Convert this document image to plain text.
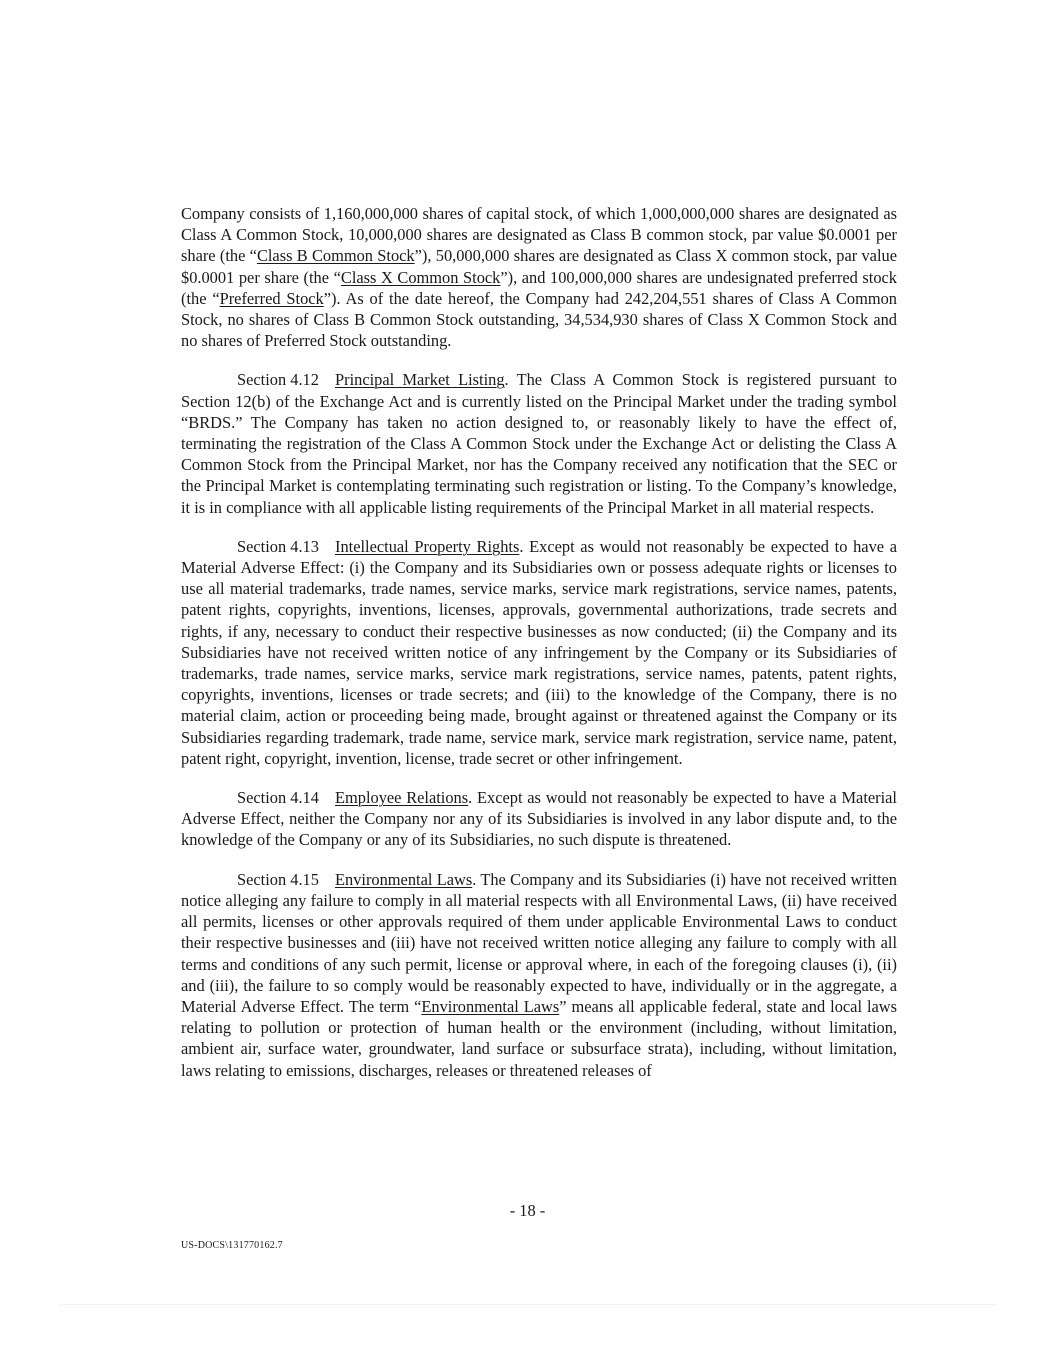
Company consists of 1,160,000,000 shares of capital stock, of which 1,000,000,000 shares are designated as Class A Common Stock, 10,000,000 shares are designated as Class B common stock, par value $0.0001 per share (the “Class B Common Stock”), 50,000,000 shares are designated as Class X common stock, par value $0.0001 per share (the “Class X Common Stock”), and 100,000,000 shares are undesignated preferred stock (the “Preferred Stock”). As of the date hereof, the Company had 242,204,551 shares of Class A Common Stock, no shares of Class B Common Stock outstanding, 34,534,930 shares of Class X Common Stock and no shares of Preferred Stock outstanding.

Section 4.12 Principal Market Listing. The Class A Common Stock is registered pursuant to Section 12(b) of the Exchange Act and is currently listed on the Principal Market under the trading symbol “BRDS.” The Company has taken no action designed to, or reasonably likely to have the effect of, terminating the registration of the Class A Common Stock under the Exchange Act or delisting the Class A Common Stock from the Principal Market, nor has the Company received any notification that the SEC or the Principal Market is contemplating terminating such registration or listing. To the Company’s knowledge, it is in compliance with all applicable listing requirements of the Principal Market in all material respects.

Section 4.13 Intellectual Property Rights. Except as would not reasonably be expected to have a Material Adverse Effect: (i) the Company and its Subsidiaries own or possess adequate rights or licenses to use all material trademarks, trade names, service marks, service mark registrations, service names, patents, patent rights, copyrights, inventions, licenses, approvals, governmental authorizations, trade secrets and rights, if any, necessary to conduct their respective businesses as now conducted; (ii) the Company and its Subsidiaries have not received written notice of any infringement by the Company or its Subsidiaries of trademarks, trade names, service marks, service mark registrations, service names, patents, patent rights, copyrights, inventions, licenses or trade secrets; and (iii) to the knowledge of the Company, there is no material claim, action or proceeding being made, brought against or threatened against the Company or its Subsidiaries regarding trademark, trade name, service mark, service mark registration, service name, patent, patent right, copyright, invention, license, trade secret or other infringement.

Section 4.14 Employee Relations. Except as would not reasonably be expected to have a Material Adverse Effect, neither the Company nor any of its Subsidiaries is involved in any labor dispute and, to the knowledge of the Company or any of its Subsidiaries, no such dispute is threatened.

Section 4.15 Environmental Laws. The Company and its Subsidiaries (i) have not received written notice alleging any failure to comply in all material respects with all Environmental Laws, (ii) have received all permits, licenses or other approvals required of them under applicable Environmental Laws to conduct their respective businesses and (iii) have not received written notice alleging any failure to comply with all terms and conditions of any such permit, license or approval where, in each of the foregoing clauses (i), (ii) and (iii), the failure to so comply would be reasonably expected to have, individually or in the aggregate, a Material Adverse Effect. The term “Environmental Laws” means all applicable federal, state and local laws relating to pollution or protection of human health or the environment (including, without limitation, ambient air, surface water, groundwater, land surface or subsurface strata), including, without limitation, laws relating to emissions, discharges, releases or threatened releases of

- 18 -
US-DOCS\131770162.7
